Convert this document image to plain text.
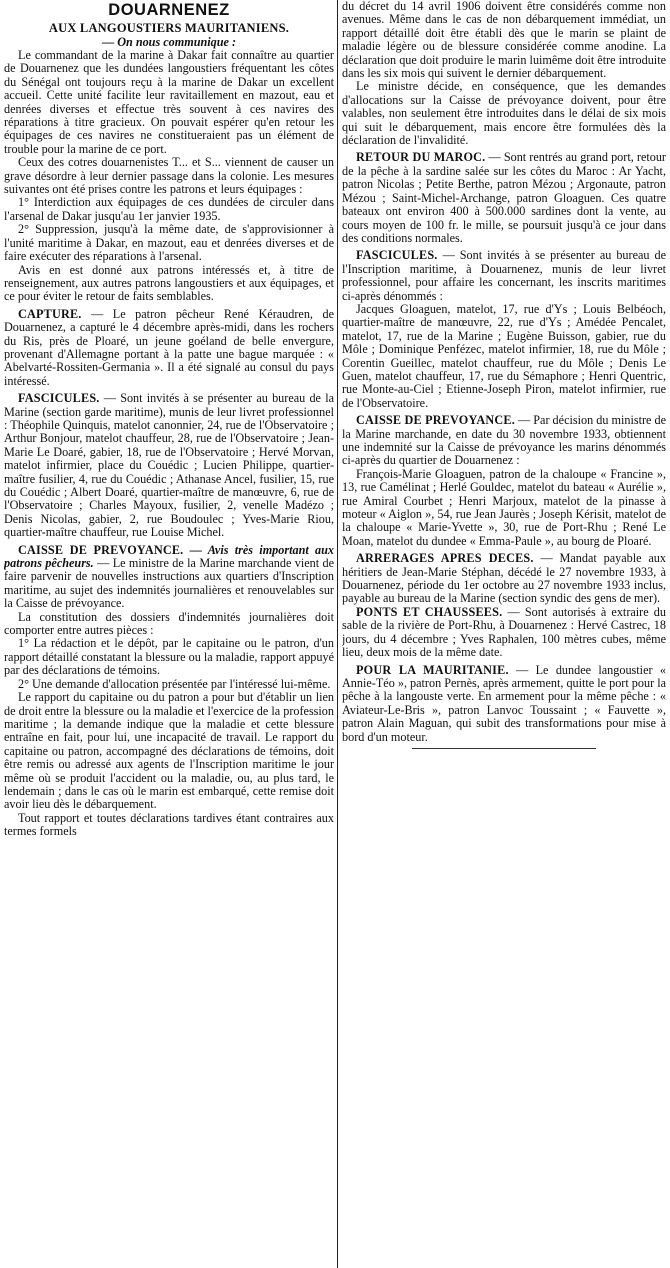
DOUARNENEZ
AUX LANGOUSTIERS MAURITANIENS.
— On nous communique :

Le commandant de la marine à Dakar fait connaître au quartier de Douarnenez que les dundées langoustiers fréquentant les côtes du Sénégal ont toujours reçu à la marine de Dakar un excellent accueil. Cette unité facilite leur ravitaillement en mazout, eau et denrées diverses et effectue très souvent à ces navires des réparations à titre gracieux. On pouvait espérer qu'en retour les équipages de ces navires ne constitueraient pas un élément de trouble pour la marine de ce port.

Ceux des cotres douarnenistes T... et S... viennent de causer un grave désordre à leur dernier passage dans la colonie. Les mesures suivantes ont été prises contre les patrons et leurs équipages :

1° Interdiction aux équipages de ces dundées de circuler dans l'arsenal de Dakar jusqu'au 1er janvier 1935.

2° Suppression, jusqu'à la même date, de s'approvisionner à l'unité maritime à Dakar, en mazout, eau et denrées diverses et de faire exécuter des réparations à l'arsenal.

Avis en est donné aux patrons intéressés et, à titre de renseignement, aux autres patrons langoustiers et aux équipages, et ce pour éviter le retour de faits semblables.

CAPTURE. — Le patron pêcheur René Kéraudren, de Douarnenez, a capturé le 4 décembre après-midi, dans les rochers du Ris, près de Ploaré, un jeune goéland de belle envergure, provenant d'Allemagne portant à la patte une bague marquée : « Abelvarté-Rossiten-Germania ». Il a été signalé au consul du pays intéressé.

FASCICULES. — Sont invités à se présenter au bureau de la Marine (section garde maritime), munis de leur livret professionnel : Théophile Quinquis, matelot canonnier, 24, rue de l'Observatoire ; Arthur Bonjour, matelot chauffeur, 28, rue de l'Observatoire ; Jean-Marie Le Doaré, gabier, 18, rue de l'Observatoire ; Hervé Morvan, matelot infirmier, place du Couédic ; Lucien Philippe, quartier-maître fusilier, 4, rue du Couédic ; Athanase Ancel, fusilier, 15, rue du Couédic ; Albert Doaré, quartier-maître de manœuvre, 6, rue de l'Observatoire ; Charles Mayoux, fusilier, 2, venelle Madézo ; Denis Nicolas, gabier, 2, rue Boudoulec ; Yves-Marie Riou, quartier-maître chauffeur, rue Louise Michel.

CAISSE DE PREVOYANCE. — Avis très important aux patrons pêcheurs. — Le ministre de la Marine marchande vient de faire parvenir de nouvelles instructions aux quartiers d'Inscription maritime, au sujet des indemnités journalières et renouvelables sur la Caisse de prévoyance.

La constitution des dossiers d'indemnités journalières doit comporter entre autres pièces :

1° La rédaction et le dépôt, par le capitaine ou le patron, d'un rapport détaillé constatant la blessure ou la maladie, rapport appuyé par des déclarations de témoins.

2° Une demande d'allocation présentée par l'intéressé lui-même.

Le rapport du capitaine ou du patron a pour but d'établir un lien de droit entre la blessure ou la maladie et l'exercice de la profession maritime ; la demande indique que la maladie et cette blessure entraîne en fait, pour lui, une incapacité de travail. Le rapport du capitaine ou patron, accompagné des déclarations de témoins, doit être remis ou adressé aux agents de l'Inscription maritime le jour même où se produit l'accident ou la maladie, ou, au plus tard, le lendemain ; dans le cas où le marin est embarqué, cette remise doit avoir lieu dès le débarquement.

Tout rapport et toutes déclarations tardives étant contraires aux termes formels

du décret du 14 avril 1906 doivent être considérés comme non avenues. Même dans le cas de non débarquement immédiat, un rapport détaillé doit être établi dès que le marin se plaint de maladie légère ou de blessure considérée comme anodine. La déclaration que doit produire le marin luimême doit être introduite dans les six mois qui suivent le dernier débarquement.

Le ministre décide, en conséquence, que les demandes d'allocations sur la Caisse de prévoyance doivent, pour être valables, non seulement être introduites dans le délai de six mois qui suit le débarquement, mais encore être formulées dès la déclaration de l'invalidité.

RETOUR DU MAROC. — Sont rentrés au grand port, retour de la pêche à la sardine salée sur les côtes du Maroc : Ar Yacht, patron Nicolas ; Petite Berthe, patron Mézou ; Argonaute, patron Mézou ; Saint-Michel-Archange, patron Gloaguen. Ces quatre bateaux ont environ 400 à 500.000 sardines dont la vente, au cours moyen de 100 fr. le mille, se poursuit jusqu'à ce jour dans des conditions normales.

FASCICULES. — Sont invités à se présenter au bureau de l'Inscription maritime, à Douarnenez, munis de leur livret professionnel, pour affaire les concernant, les inscrits maritimes ci-après dénommés :

Jacques Gloaguen, matelot, 17, rue d'Ys ; Louis Belbéoch, quartier-maître de manœuvre, 22, rue d'Ys ; Amédée Pencalet, matelot, 17, rue de la Marine ; Eugène Buisson, gabier, rue du Môle ; Dominique Penfézec, matelot infirmier, 18, rue du Môle ; Corentin Gueillec, matelot chauffeur, rue du Môle ; Denis Le Guen, matelot chauffeur, 17, rue du Sémaphore ; Henri Quentric, rue Monte-au-Ciel ; Etienne-Joseph Piron, matelot infirmier, rue de l'Observatoire.

CAISSE DE PREVOYANCE. — Par décision du ministre de la Marine marchande, en date du 30 novembre 1933, obtiennent une indemnité sur la Caisse de prévoyance les marins dénommés ci-après du quartier de Douarnenez :

François-Marie Gloaguen, patron de la chaloupe « Francine », 13, rue Camélinat ; Herlé Gouldec, matelot du bateau « Aurélie », rue Amiral Courbet ; Henri Marjoux, matelot de la pinasse à moteur « Aiglon », 54, rue Jean Jaurès ; Joseph Kérisit, matelot de la chaloupe « Marie-Yvette », 30, rue de Port-Rhu ; René Le Moan, matelot du dundee « Emma-Paule », au bourg de Ploaré.

ARRERAGES APRES DECES. — Mandat payable aux héritiers de Jean-Marie Stéphan, décédé le 27 novembre 1933, à Douarnenez, période du 1er octobre au 27 novembre 1933 inclus, payable au bureau de la Marine (section syndic des gens de mer).

PONTS ET CHAUSSEES. — Sont autorisés à extraire du sable de la rivière de Port-Rhu, à Douarnenez : Hervé Castrec, 18 jours, du 4 décembre ; Yves Raphalen, 100 mètres cubes, même lieu, deux mois de la même date.

POUR LA MAURITANIE. — Le dundee langoustier « Annie-Téo », patron Pernès, après armement, quitte le port pour la pêche à la langouste verte. En armement pour la même pêche : « Aviateur-Le-Bris », patron Lanvoc Toussaint ; « Fauvette », patron Alain Maguan, qui subit des transformations pour mise à bord d'un moteur.
